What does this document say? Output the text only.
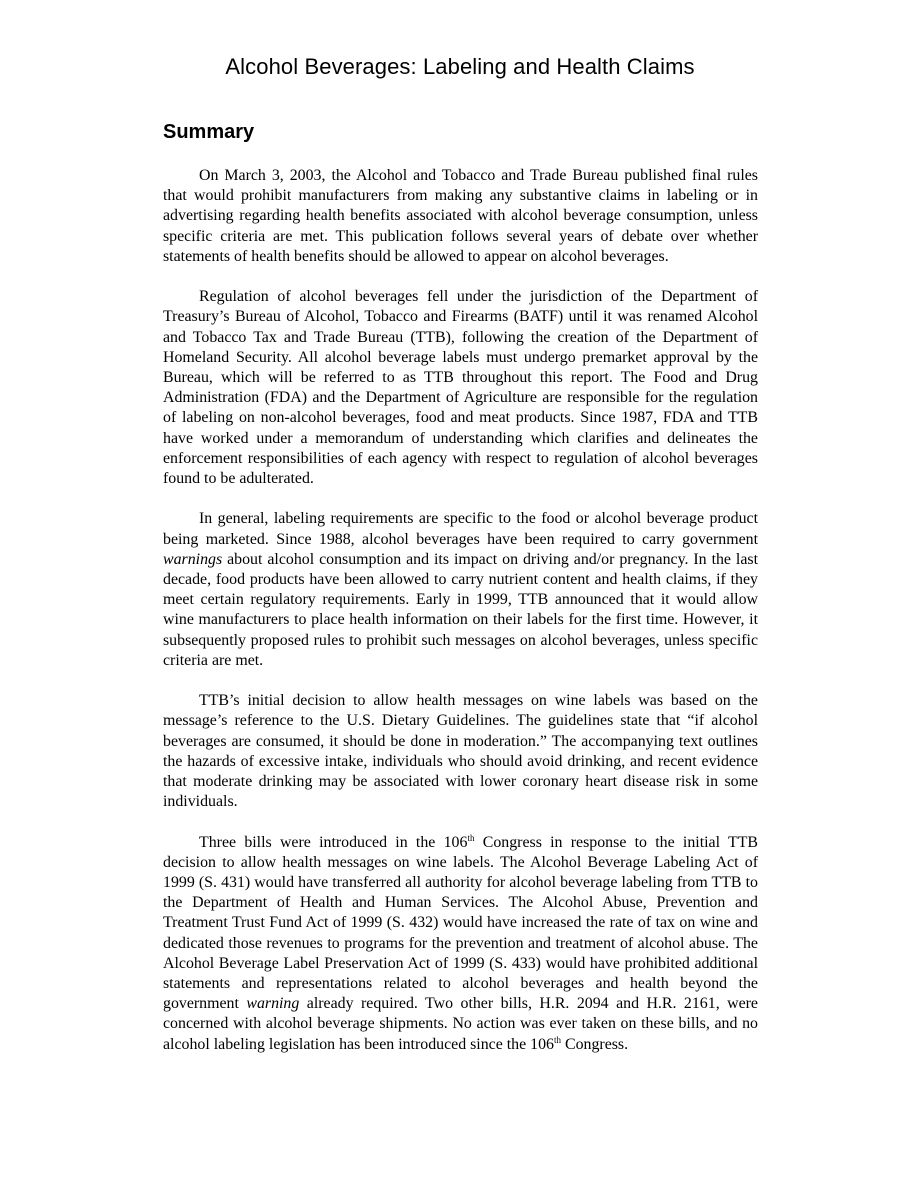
Alcohol Beverages: Labeling and Health Claims
Summary

On March 3, 2003, the Alcohol and Tobacco and Trade Bureau published final rules that would prohibit manufacturers from making any substantive claims in labeling or in advertising regarding health benefits associated with alcohol beverage consumption, unless specific criteria are met. This publication follows several years of debate over whether statements of health benefits should be allowed to appear on alcohol beverages.

Regulation of alcohol beverages fell under the jurisdiction of the Department of Treasury’s Bureau of Alcohol, Tobacco and Firearms (BATF) until it was renamed Alcohol and Tobacco Tax and Trade Bureau (TTB), following the creation of the Department of Homeland Security. All alcohol beverage labels must undergo premarket approval by the Bureau, which will be referred to as TTB throughout this report. The Food and Drug Administration (FDA) and the Department of Agriculture are responsible for the regulation of labeling on non-alcohol beverages, food and meat products. Since 1987, FDA and TTB have worked under a memorandum of understanding which clarifies and delineates the enforcement responsibilities of each agency with respect to regulation of alcohol beverages found to be adulterated.

In general, labeling requirements are specific to the food or alcohol beverage product being marketed. Since 1988, alcohol beverages have been required to carry government warnings about alcohol consumption and its impact on driving and/or pregnancy. In the last decade, food products have been allowed to carry nutrient content and health claims, if they meet certain regulatory requirements. Early in 1999, TTB announced that it would allow wine manufacturers to place health information on their labels for the first time. However, it subsequently proposed rules to prohibit such messages on alcohol beverages, unless specific criteria are met.

TTB’s initial decision to allow health messages on wine labels was based on the message’s reference to the U.S. Dietary Guidelines. The guidelines state that “if alcohol beverages are consumed, it should be done in moderation.” The accompanying text outlines the hazards of excessive intake, individuals who should avoid drinking, and recent evidence that moderate drinking may be associated with lower coronary heart disease risk in some individuals.

Three bills were introduced in the 106th Congress in response to the initial TTB decision to allow health messages on wine labels. The Alcohol Beverage Labeling Act of 1999 (S. 431) would have transferred all authority for alcohol beverage labeling from TTB to the Department of Health and Human Services. The Alcohol Abuse, Prevention and Treatment Trust Fund Act of 1999 (S. 432) would have increased the rate of tax on wine and dedicated those revenues to programs for the prevention and treatment of alcohol abuse. The Alcohol Beverage Label Preservation Act of 1999 (S. 433) would have prohibited additional statements and representations related to alcohol beverages and health beyond the government warning already required. Two other bills, H.R. 2094 and H.R. 2161, were concerned with alcohol beverage shipments. No action was ever taken on these bills, and no alcohol labeling legislation has been introduced since the 106th Congress.
